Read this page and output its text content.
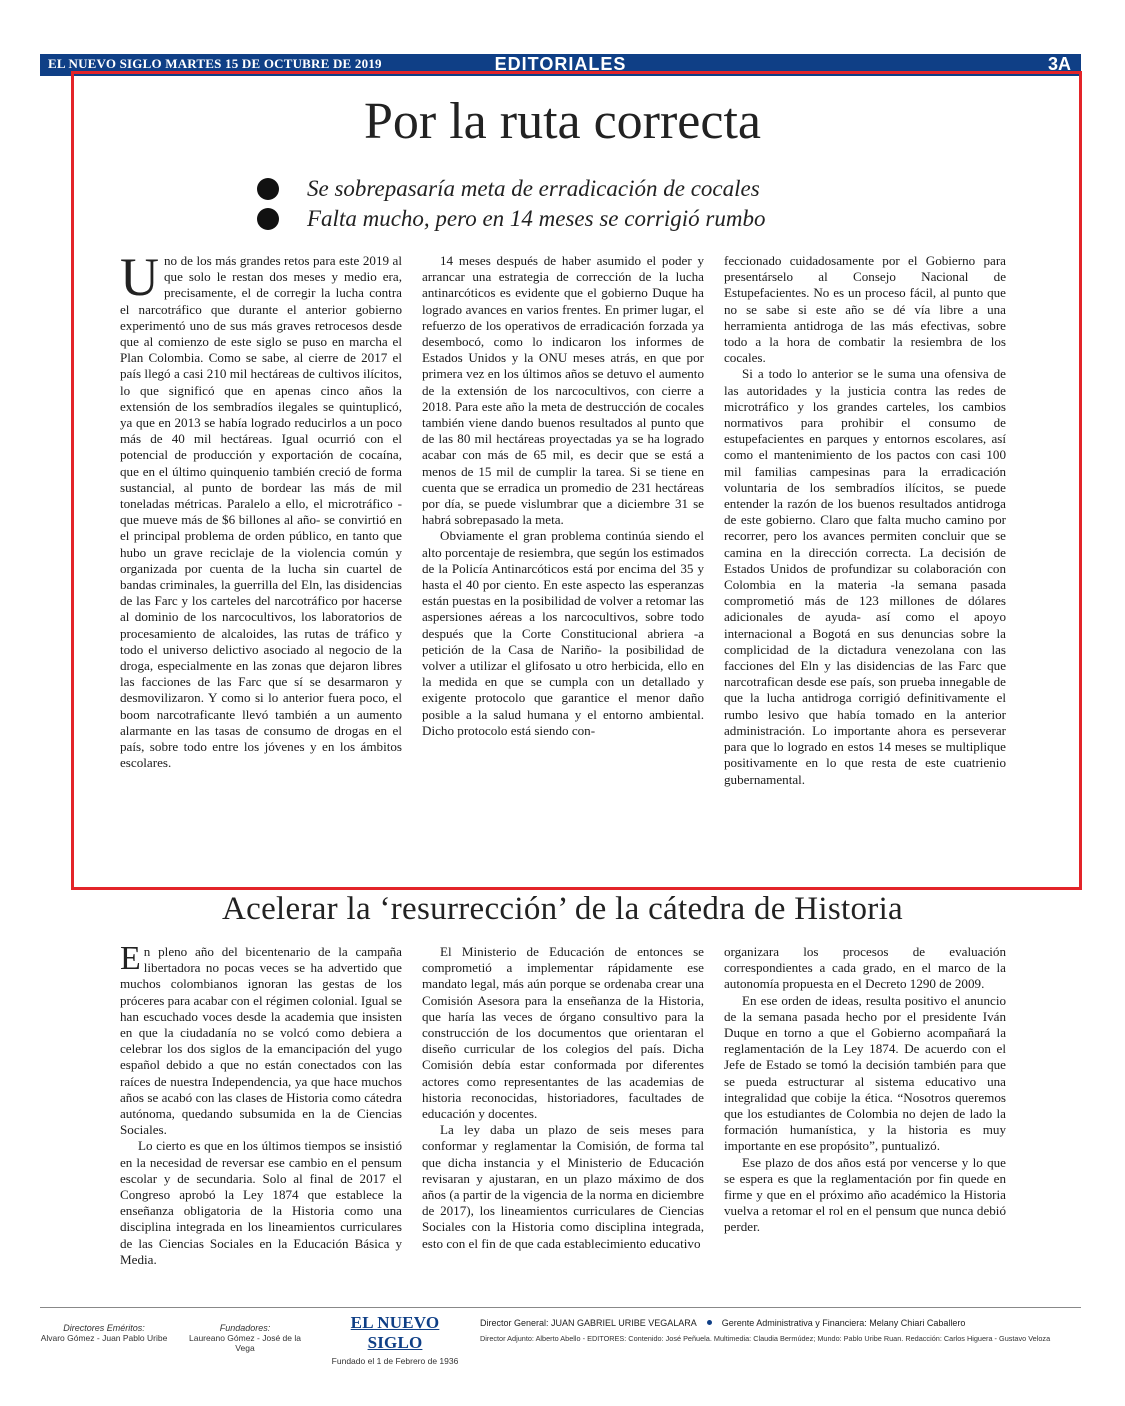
EL NUEVO SIGLO MARTES 15 DE OCTUBRE DE 2019	EDITORIALES	3A
Por la ruta correcta
Se sobrepasaría meta de erradicación de cocales
Falta mucho, pero en 14 meses se corrigió rumbo

Uno de los más grandes retos para este 2019 al que solo le restan dos meses y medio era, precisamente, el de corregir la lucha contra el narcotráfico que durante el anterior gobierno experimentó uno de sus más graves retrocesos desde que al comienzo de este siglo se puso en marcha el Plan Colombia. Como se sabe, al cierre de 2017 el país llegó a casi 210 mil hectáreas de cultivos ilícitos, lo que significó que en apenas cinco años la extensión de los sembradíos ilegales se quintuplicó, ya que en 2013 se había logrado reducirlos a un poco más de 40 mil hectáreas. Igual ocurrió con el potencial de producción y exportación de cocaína, que en el último quinquenio también creció de forma sustancial, al punto de bordear las más de mil toneladas métricas. Paralelo a ello, el microtráfico -que mueve más de $6 billones al año- se convirtió en el principal problema de orden público, en tanto que hubo un grave reciclaje de la violencia común y organizada por cuenta de la lucha sin cuartel de bandas criminales, la guerrilla del Eln, las disidencias de las Farc y los carteles del narcotráfico por hacerse al dominio de los narcocultivos, los laboratorios de procesamiento de alcaloides, las rutas de tráfico y todo el universo delictivo asociado al negocio de la droga, especialmente en las zonas que dejaron libres las facciones de las Farc que sí se desarmaron y desmovilizaron. Y como si lo anterior fuera poco, el boom narcotraficante llevó también a un aumento alarmante en las tasas de consumo de drogas en el país, sobre todo entre los jóvenes y en los ámbitos escolares.

14 meses después de haber asumido el poder y arrancar una estrategia de corrección de la lucha antinarcóticos es evidente que el gobierno Duque ha logrado avances en varios frentes. En primer lugar, el refuerzo de los operativos de erradicación forzada ya desembocó, como lo indicaron los informes de Estados Unidos y la ONU meses atrás, en que por primera vez en los últimos años se detuvo el aumento de la extensión de los narcocultivos, con cierre a 2018. Para este año la meta de destrucción de cocales también viene dando buenos resultados al punto que de las 80 mil hectáreas proyectadas ya se ha logrado acabar con más de 65 mil, es decir que se está a menos de 15 mil de cumplir la tarea. Si se tiene en cuenta que se erradica un promedio de 231 hectáreas por día, se puede vislumbrar que a diciembre 31 se habrá sobrepasado la meta.

Obviamente el gran problema continúa siendo el alto porcentaje de resiembra, que según los estimados de la Policía Antinarcóticos está por encima del 35 y hasta el 40 por ciento. En este aspecto las esperanzas están puestas en la posibilidad de volver a retomar las aspersiones aéreas a los narcocultivos, sobre todo después que la Corte Constitucional abriera -a petición de la Casa de Nariño- la posibilidad de volver a utilizar el glifosato u otro herbicida, ello en la medida en que se cumpla con un detallado y exigente protocolo que garantice el menor daño posible a la salud humana y el entorno ambiental. Dicho protocolo está siendo con-

feccionado cuidadosamente por el Gobierno para presentárselo al Consejo Nacional de Estupefacientes. No es un proceso fácil, al punto que no se sabe si este año se dé vía libre a una herramienta antidroga de las más efectivas, sobre todo a la hora de combatir la resiembra de los cocales.

Si a todo lo anterior se le suma una ofensiva de las autoridades y la justicia contra las redes de microtráfico y los grandes carteles, los cambios normativos para prohibir el consumo de estupefacientes en parques y entornos escolares, así como el mantenimiento de los pactos con casi 100 mil familias campesinas para la erradicación voluntaria de los sembradíos ilícitos, se puede entender la razón de los buenos resultados antidroga de este gobierno. Claro que falta mucho camino por recorrer, pero los avances permiten concluir que se camina en la dirección correcta. La decisión de Estados Unidos de profundizar su colaboración con Colombia en la materia -la semana pasada comprometió más de 123 millones de dólares adicionales de ayuda- así como el apoyo internacional a Bogotá en sus denuncias sobre la complicidad de la dictadura venezolana con las facciones del Eln y las disidencias de las Farc que narcotrafican desde ese país, son prueba innegable de que la lucha antidroga corrigió definitivamente el rumbo lesivo que había tomado en la anterior administración. Lo importante ahora es perseverar para que lo logrado en estos 14 meses se multiplique positivamente en lo que resta de este cuatrienio gubernamental.

Acelerar la ‘resurrección’ de la cátedra de Historia

En pleno año del bicentenario de la campaña libertadora no pocas veces se ha advertido que muchos colombianos ignoran las gestas de los próceres para acabar con el régimen colonial. Igual se han escuchado voces desde la academia que insisten en que la ciudadanía no se volcó como debiera a celebrar los dos siglos de la emancipación del yugo español debido a que no están conectados con las raíces de nuestra Independencia, ya que hace muchos años se acabó con las clases de Historia como cátedra autónoma, quedando subsumida en la de Ciencias Sociales.

Lo cierto es que en los últimos tiempos se insistió en la necesidad de reversar ese cambio en el pensum escolar y de secundaria. Solo al final de 2017 el Congreso aprobó la Ley 1874 que establece la enseñanza obligatoria de la Historia como una disciplina integrada en los lineamientos curriculares de las Ciencias Sociales en la Educación Básica y Media.

El Ministerio de Educación de entonces se comprometió a implementar rápidamente ese mandato legal, más aún porque se ordenaba crear una Comisión Asesora para la enseñanza de la Historia, que haría las veces de órgano consultivo para la construcción de los documentos que orientaran el diseño curricular de los colegios del país. Dicha Comisión debía estar conformada por diferentes actores como representantes de las academias de historia reconocidas, historiadores, facultades de educación y docentes.

La ley daba un plazo de seis meses para conformar y reglamentar la Comisión, de forma tal que dicha instancia y el Ministerio de Educación revisaran y ajustaran, en un plazo máximo de dos años (a partir de la vigencia de la norma en diciembre de 2017), los lineamientos curriculares de Ciencias Sociales con la Historia como disciplina integrada, esto con el fin de que cada establecimiento educativo

organizara los procesos de evaluación correspondientes a cada grado, en el marco de la autonomía propuesta en el Decreto 1290 de 2009.

En ese orden de ideas, resulta positivo el anuncio de la semana pasada hecho por el presidente Iván Duque en torno a que el Gobierno acompañará la reglamentación de la Ley 1874. De acuerdo con el Jefe de Estado se tomó la decisión también para que se pueda estructurar al sistema educativo una integralidad que cobije la ética. “Nosotros queremos que los estudiantes de Colombia no dejen de lado la formación humanística, y la historia es muy importante en ese propósito”, puntualizó.

Ese plazo de dos años está por vencerse y lo que se espera es que la reglamentación por fin quede en firme y que en el próximo año académico la Historia vuelva a retomar el rol en el pensum que nunca debió perder.

Directores Eméritos:
Alvaro Gómez - Juan Pablo Uribe
Fundadores:
Laureano Gómez - José de la Vega
EL NUEVO SIGLO
Fundado el 1 de Febrero de 1936
Director General: JUAN GABRIEL URIBE VEGALARA	Gerente Administrativa y Financiera: Melany Chiari Caballero
Director Adjunto: Alberto Abello - EDITORES: Contenido: José Peñuela. Multimedia: Claudia Bermúdez; Mundo: Pablo Uribe Ruan. Redacción: Carlos Higuera - Gustavo Veloza
